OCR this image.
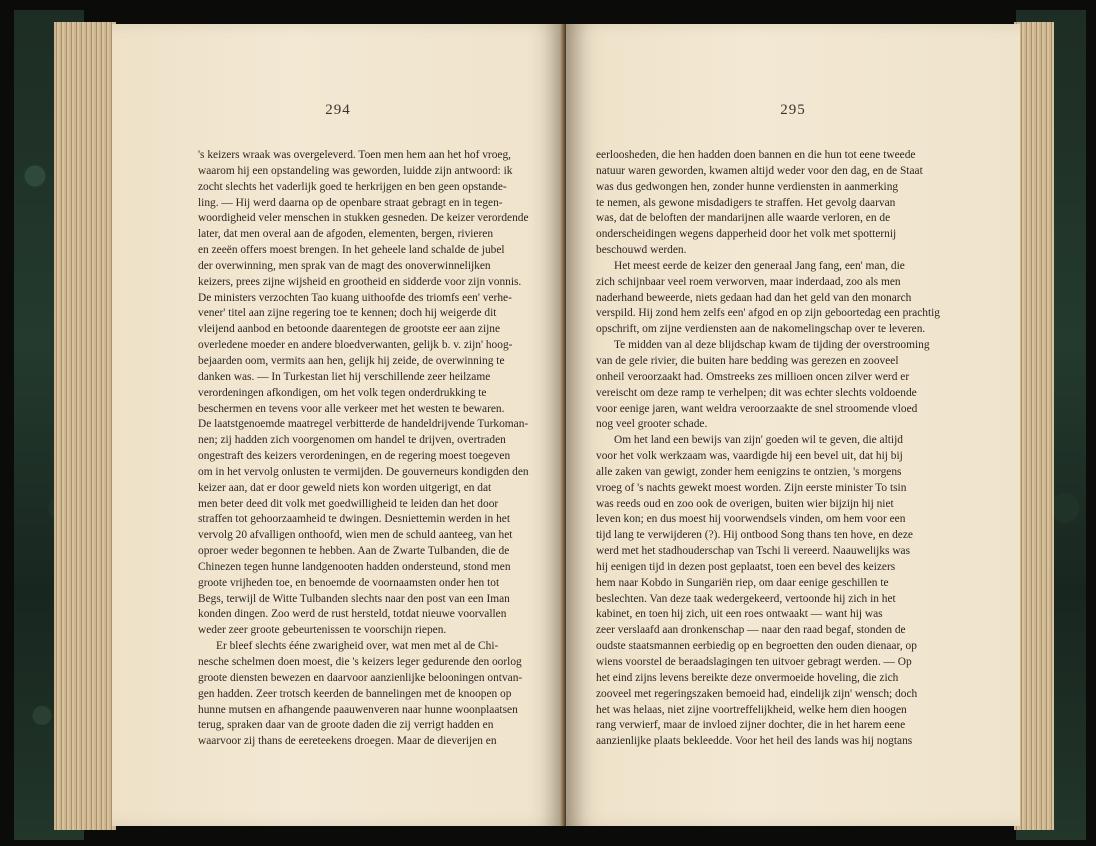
294
's keizers wraak was overgeleverd. Toen men hem aan het hof vroeg,
waarom hij een opstandeling was geworden, luidde zijn antwoord: ik
zocht slechts het vaderlijk goed te herkrijgen en ben geen opstande-
ling. — Hij werd daarna op de openbare straat gebragt en in tegen-
woordigheid veler menschen in stukken gesneden. De keizer verordende
later, dat men overal aan de afgoden, elementen, bergen, rivieren
en zeeën offers moest brengen. In het geheele land schalde de jubel
der overwinning, men sprak van de magt des onoverwinnelijken
keizers, prees zijne wijsheid en grootheid en sidderde voor zijn vonnis.
De ministers verzochten Tao kuang uithoofde des triomfs een' verhe-
vener' titel aan zijne regering toe te kennen; doch hij weigerde dit
vleijend aanbod en betoonde daarentegen de grootste eer aan zijne
overledene moeder en andere bloedverwanten, gelijk b. v. zijn' hoog-
bejaarden oom, vermits aan hen, gelijk hij zeide, de overwinning te
danken was. — In Turkestan liet hij verschillende zeer heilzame
verordeningen afkondigen, om het volk tegen onderdrukking te
beschermen en tevens voor alle verkeer met het westen te bewaren.
De laatstgenoemde maatregel verbitterde de handeldrijvende Turkoman-
nen; zij hadden zich voorgenomen om handel te drijven, overtraden
ongestraft des keizers verordeningen, en de regering moest toegeven
om in het vervolg onlusten te vermijden. De gouverneurs kondigden den
keizer aan, dat er door geweld niets kon worden uitgerigt, en dat
men beter deed dit volk met goedwilligheid te leiden dan het door
straffen tot gehoorzaamheid te dwingen. Desniettemin werden in het
vervolg 20 afvalligen onthoofd, wien men de schuld aanteeg, van het
oproer weder begonnen te hebben. Aan de Zwarte Tulbanden, die de
Chinezen tegen hunne landgenooten hadden ondersteund, stond men
groote vrijheden toe, en benoemde de voornaamsten onder hen tot
Begs, terwijl de Witte Tulbanden slechts naar den post van een Iman
konden dingen. Zoo werd de rust hersteld, totdat nieuwe voorvallen
weder zeer groote gebeurtenissen te voorschijn riepen.
Er bleef slechts ééne zwarigheid over, wat men met al de Chi-
nesche schelmen doen moest, die 's keizers leger gedurende den oorlog
groote diensten bewezen en daarvoor aanzienlijke belooningen ontvan-
gen hadden. Zeer trotsch keerden de bannelingen met de knoopen op
hunne mutsen en afhangende paauwenveren naar hunne woonplaatsen
terug, spraken daar van de groote daden die zij verrigt hadden en
waarvoor zij thans de eereteekens droegen. Maar de dieverijen en
295
eerloosheden, die hen hadden doen bannen en die hun tot eene tweede
natuur waren geworden, kwamen altijd weder voor den dag, en de Staat
was dus gedwongen hen, zonder hunne verdiensten in aanmerking
te nemen, als gewone misdadigers te straffen. Het gevolg daarvan
was, dat de beloften der mandarijnen alle waarde verloren, en de
onderscheidingen wegens dapperheid door het volk met spotternij
beschouwd werden.
Het meest eerde de keizer den generaal Jang fang, een' man, die
zich schijnbaar veel roem verworven, maar inderdaad, zoo als men
naderhand beweerde, niets gedaan had dan het geld van den monarch
verspild. Hij zond hem zelfs een' afgod en op zijn geboortedag een prachtig
opschrift, om zijne verdiensten aan de nakomelingschap over te leveren.
Te midden van al deze blijdschap kwam de tijding der overstrooming
van de gele rivier, die buiten hare bedding was gerezen en zooveel
onheil veroorzaakt had. Omstreeks zes millioen oncen zilver werd er
vereischt om deze ramp te verhelpen; dit was echter slechts voldoende
voor eenige jaren, want weldra veroorzaakte de snel stroomende vloed
nog veel grooter schade.
Om het land een bewijs van zijn' goeden wil te geven, die altijd
voor het volk werkzaam was, vaardigde hij een bevel uit, dat hij bij
alle zaken van gewigt, zonder hem eenigzins te ontzien, 's morgens
vroeg of 's nachts gewekt moest worden. Zijn eerste minister To tsin
was reeds oud en zoo ook de overigen, buiten wier bijzijn hij niet
leven kon; en dus moest hij voorwendsels vinden, om hem voor een
tijd lang te verwijderen (?). Hij ontbood Song thans ten hove, en deze
werd met het stadhouderschap van Tschi li vereerd. Naauwelijks was
hij eenigen tijd in dezen post geplaatst, toen een bevel des keizers
hem naar Kobdo in Sungariën riep, om daar eenige geschillen te
beslechten. Van deze taak wedergekeerd, vertoonde hij zich in het
kabinet, en toen hij zich, uit een roes ontwaakt — want hij was
zeer verslaafd aan dronkenschap — naar den raad begaf, stonden de
oudste staatsmannen eerbiedig op en begroetten den ouden dienaar, op
wiens voorstel de beraadslagingen ten uitvoer gebragt werden. — Op
het eind zijns levens bereikte deze onvermoeide hoveling, die zich
zooveel met regeringszaken bemoeid had, eindelijk zijn' wensch; doch
het was helaas, niet zijne voortreffelijkheid, welke hem dien hoogen
rang verwierf, maar de invloed zijner dochter, die in het harem eene
aanzienlijke plaats bekleedde. Voor het heil des lands was hij nogtans
